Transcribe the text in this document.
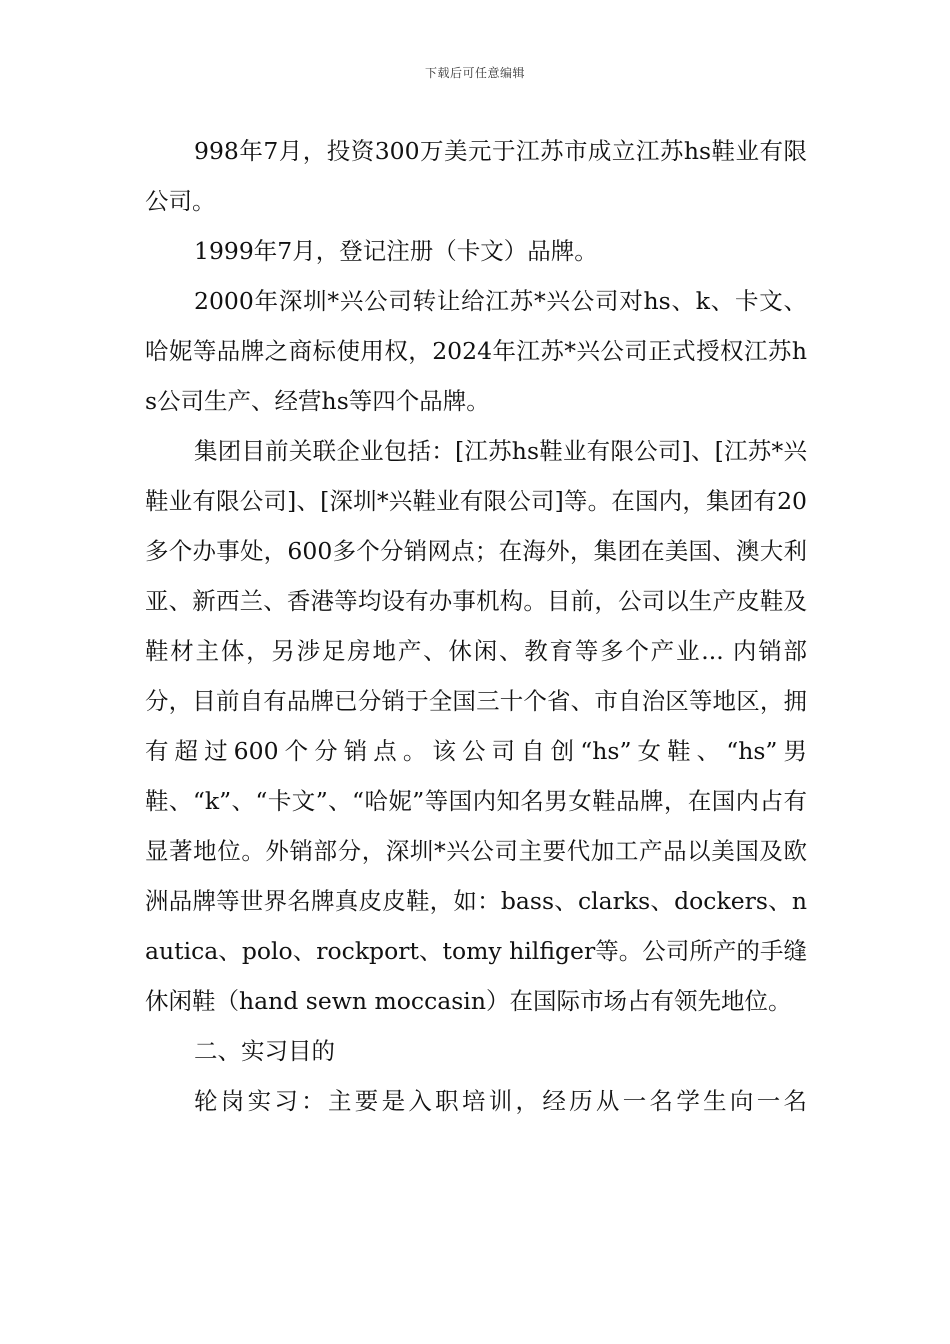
下载后可任意编辑

998年7月，投资300万美元于江苏市成立江苏hs鞋业有限公司。

1999年7月，登记注册（卡文）品牌。

2000年深圳*兴公司转让给江苏*兴公司对hs、k、卡文、哈妮等品牌之商标使用权，2024年江苏*兴公司正式授权江苏hs公司生产、经营hs等四个品牌。

集团目前关联企业包括：[江苏hs鞋业有限公司]、[江苏*兴鞋业有限公司]、[深圳*兴鞋业有限公司]等。在国内，集团有20多个办事处，600多个分销网点；在海外，集团在美国、澳大利亚、新西兰、香港等均设有办事机构。目前，公司以生产皮鞋及鞋材主体，另涉足房地产、休闲、教育等多个产业... 内销部分，目前自有品牌已分销于全国三十个省、市自治区等地区，拥有超过600个分销点。该公司自创“hs”女鞋、“hs”男鞋、“k”、“卡文”、“哈妮”等国内知名男女鞋品牌，在国内占有显著地位。外销部分，深圳*兴公司主要代加工产品以美国及欧洲品牌等世界名牌真皮皮鞋，如：bass、clarks、dockers、nautica、polo、rockport、tomy hilfiger等。公司所产的手缝休闲鞋（hand sewn moccasin）在国际市场占有领先地位。

二、实习目的

轮岗实习：主要是入职培训，经历从一名学生向一名
